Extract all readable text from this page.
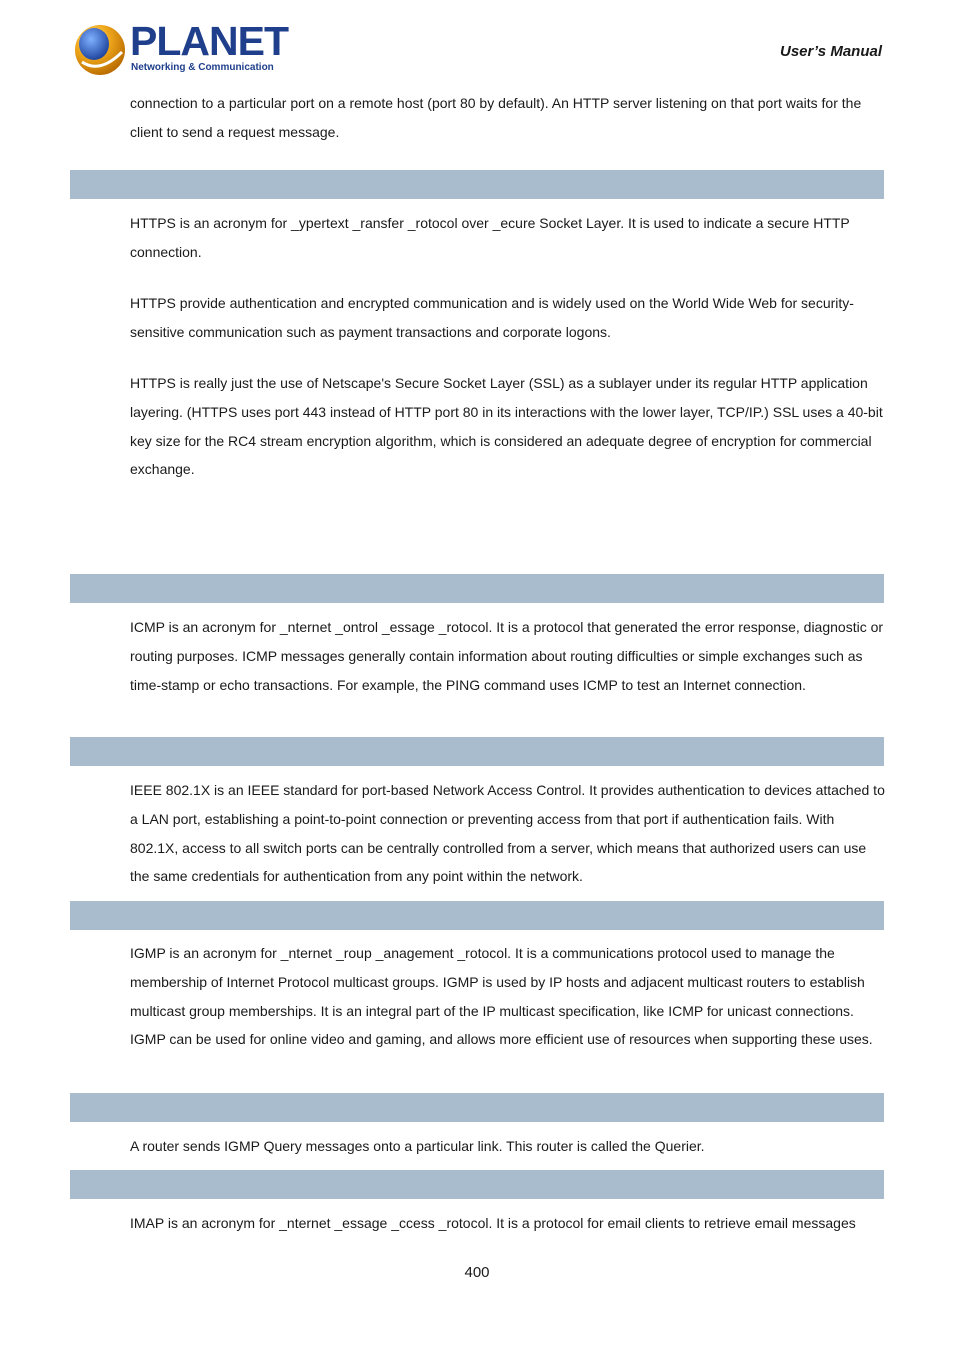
PLANET
Networking & Communication
User’s Manual

connection to a particular port on a remote host (port 80 by default). An HTTP server listening on that port waits for the client to send a request message.

HTTPS is an acronym for _ypertext _ransfer _rotocol over _ecure Socket Layer. It is used to indicate a secure HTTP connection.

HTTPS provide authentication and encrypted communication and is widely used on the World Wide Web for security-sensitive communication such as payment transactions and corporate logons.

HTTPS is really just the use of Netscape's Secure Socket Layer (SSL) as a sublayer under its regular HTTP application layering. (HTTPS uses port 443 instead of HTTP port 80 in its interactions with the lower layer, TCP/IP.) SSL uses a 40-bit key size for the RC4 stream encryption algorithm, which is considered an adequate degree of encryption for commercial exchange.

ICMP is an acronym for _nternet _ontrol _essage _rotocol. It is a protocol that generated the error response, diagnostic or routing purposes. ICMP messages generally contain information about routing difficulties or simple exchanges such as time-stamp or echo transactions. For example, the PING command uses ICMP to test an Internet connection.

IEEE 802.1X is an IEEE standard for port-based Network Access Control. It provides authentication to devices attached to a LAN port, establishing a point-to-point connection or preventing access from that port if authentication fails. With 802.1X, access to all switch ports can be centrally controlled from a server, which means that authorized users can use the same credentials for authentication from any point within the network.

IGMP is an acronym for _nternet _roup _anagement _rotocol. It is a communications protocol used to manage the membership of Internet Protocol multicast groups. IGMP is used by IP hosts and adjacent multicast routers to establish multicast group memberships. It is an integral part of the IP multicast specification, like ICMP for unicast connections. IGMP can be used for online video and gaming, and allows more efficient use of resources when supporting these uses.

A router sends IGMP Query messages onto a particular link. This router is called the Querier.

IMAP is an acronym for _nternet _essage _ccess _rotocol. It is a protocol for email clients to retrieve email messages

400
